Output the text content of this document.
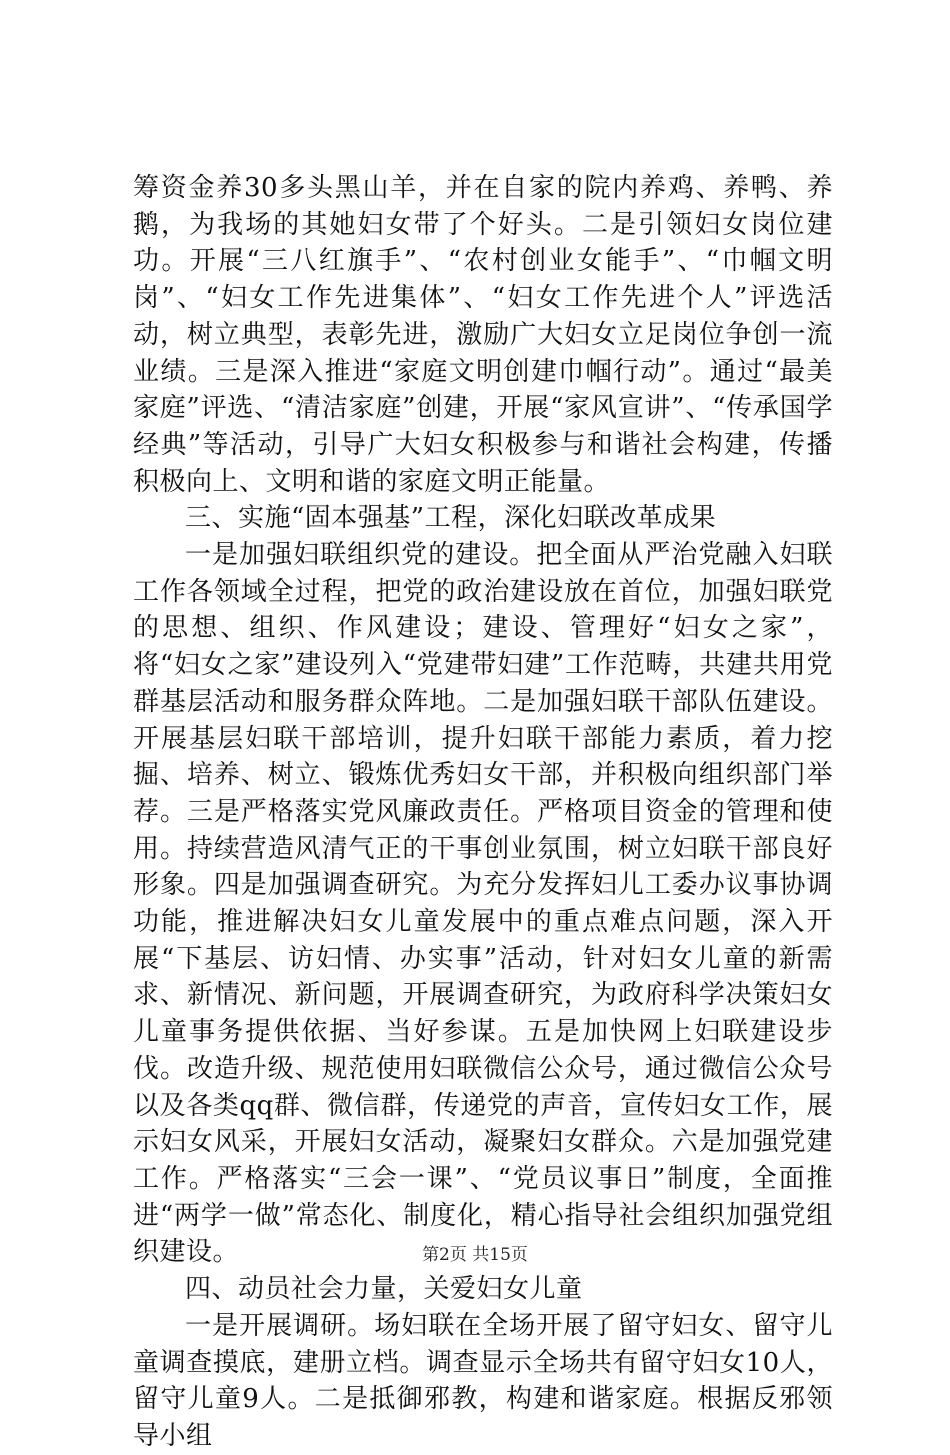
筹资金养30多头黑山羊，并在自家的院内养鸡、养鸭、养鹅，为我场的其她妇女带了个好头。二是引领妇女岗位建功。开展“三八红旗手”、“农村创业女能手”、“巾帼文明岗”、“妇女工作先进集体”、“妇女工作先进个人”评选活动，树立典型，表彰先进，激励广大妇女立足岗位争创一流业绩。三是深入推进“家庭文明创建巾帼行动”。通过“最美家庭”评选、“清洁家庭”创建，开展“家风宣讲”、“传承国学经典”等活动，引导广大妇女积极参与和谐社会构建，传播积极向上、文明和谐的家庭文明正能量。

三、实施“固本强基”工程，深化妇联改革成果

一是加强妇联组织党的建设。把全面从严治党融入妇联工作各领域全过程，把党的政治建设放在首位，加强妇联党的思想、组织、作风建设；建设、管理好“妇女之家”，将“妇女之家”建设列入“党建带妇建”工作范畴，共建共用党群基层活动和服务群众阵地。二是加强妇联干部队伍建设。开展基层妇联干部培训，提升妇联干部能力素质，着力挖掘、培养、树立、锻炼优秀妇女干部，并积极向组织部门举荐。三是严格落实党风廉政责任。严格项目资金的管理和使用。持续营造风清气正的干事创业氛围，树立妇联干部良好形象。四是加强调查研究。为充分发挥妇儿工委办议事协调功能，推进解决妇女儿童发展中的重点难点问题，深入开展“下基层、访妇情、办实事”活动，针对妇女儿童的新需求、新情况、新问题，开展调查研究，为政府科学决策妇女儿童事务提供依据、当好参谋。五是加快网上妇联建设步伐。改造升级、规范使用妇联微信公众号，通过微信公众号以及各类qq群、微信群，传递党的声音，宣传妇女工作，展示妇女风采，开展妇女活动，凝聚妇女群众。六是加强党建工作。严格落实“三会一课”、“党员议事日”制度，全面推进“两学一做”常态化、制度化，精心指导社会组织加强党组织建设。

四、动员社会力量，关爱妇女儿童

一是开展调研。场妇联在全场开展了留守妇女、留守儿童调查摸底，建册立档。调查显示全场共有留守妇女10人，留守儿童9人。二是抵御邪教，构建和谐家庭。根据反邪领导小组

第2页 共15页
